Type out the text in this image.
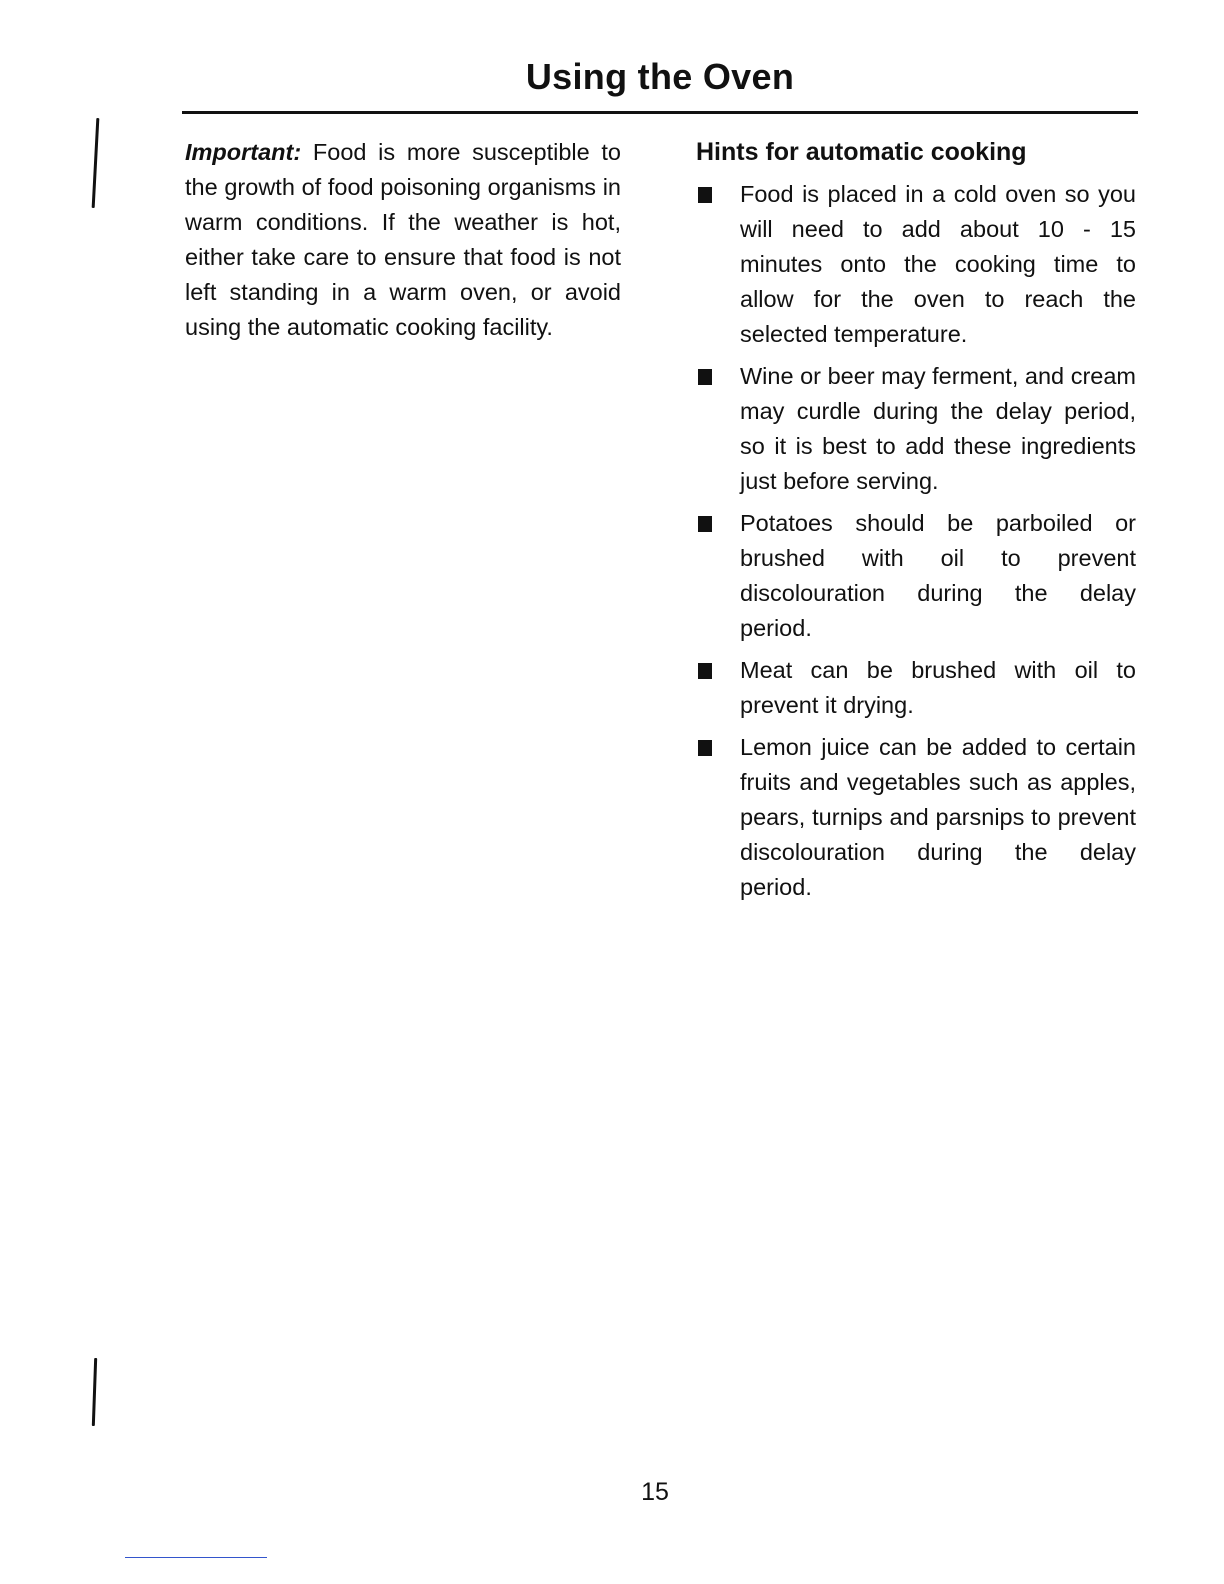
Using the Oven

Important: Food is more susceptible to the growth of food poisoning organisms in warm conditions. If the weather is hot, either take care to ensure that food is not left standing in a warm oven, or avoid using the automatic cooking facility.

Hints for automatic cooking
Food is placed in a cold oven so you will need to add about 10 - 15 minutes onto the cooking time to allow for the oven to reach the selected temperature.
Wine or beer may ferment, and cream may curdle during the delay period, so it is best to add these ingredients just before serving.
Potatoes should be parboiled or brushed with oil to prevent discolouration during the delay period.
Meat can be brushed with oil to prevent it drying.
Lemon juice can be added to certain fruits and vegetables such as apples, pears, turnips and parsnips to prevent discolouration during the delay period.

15
